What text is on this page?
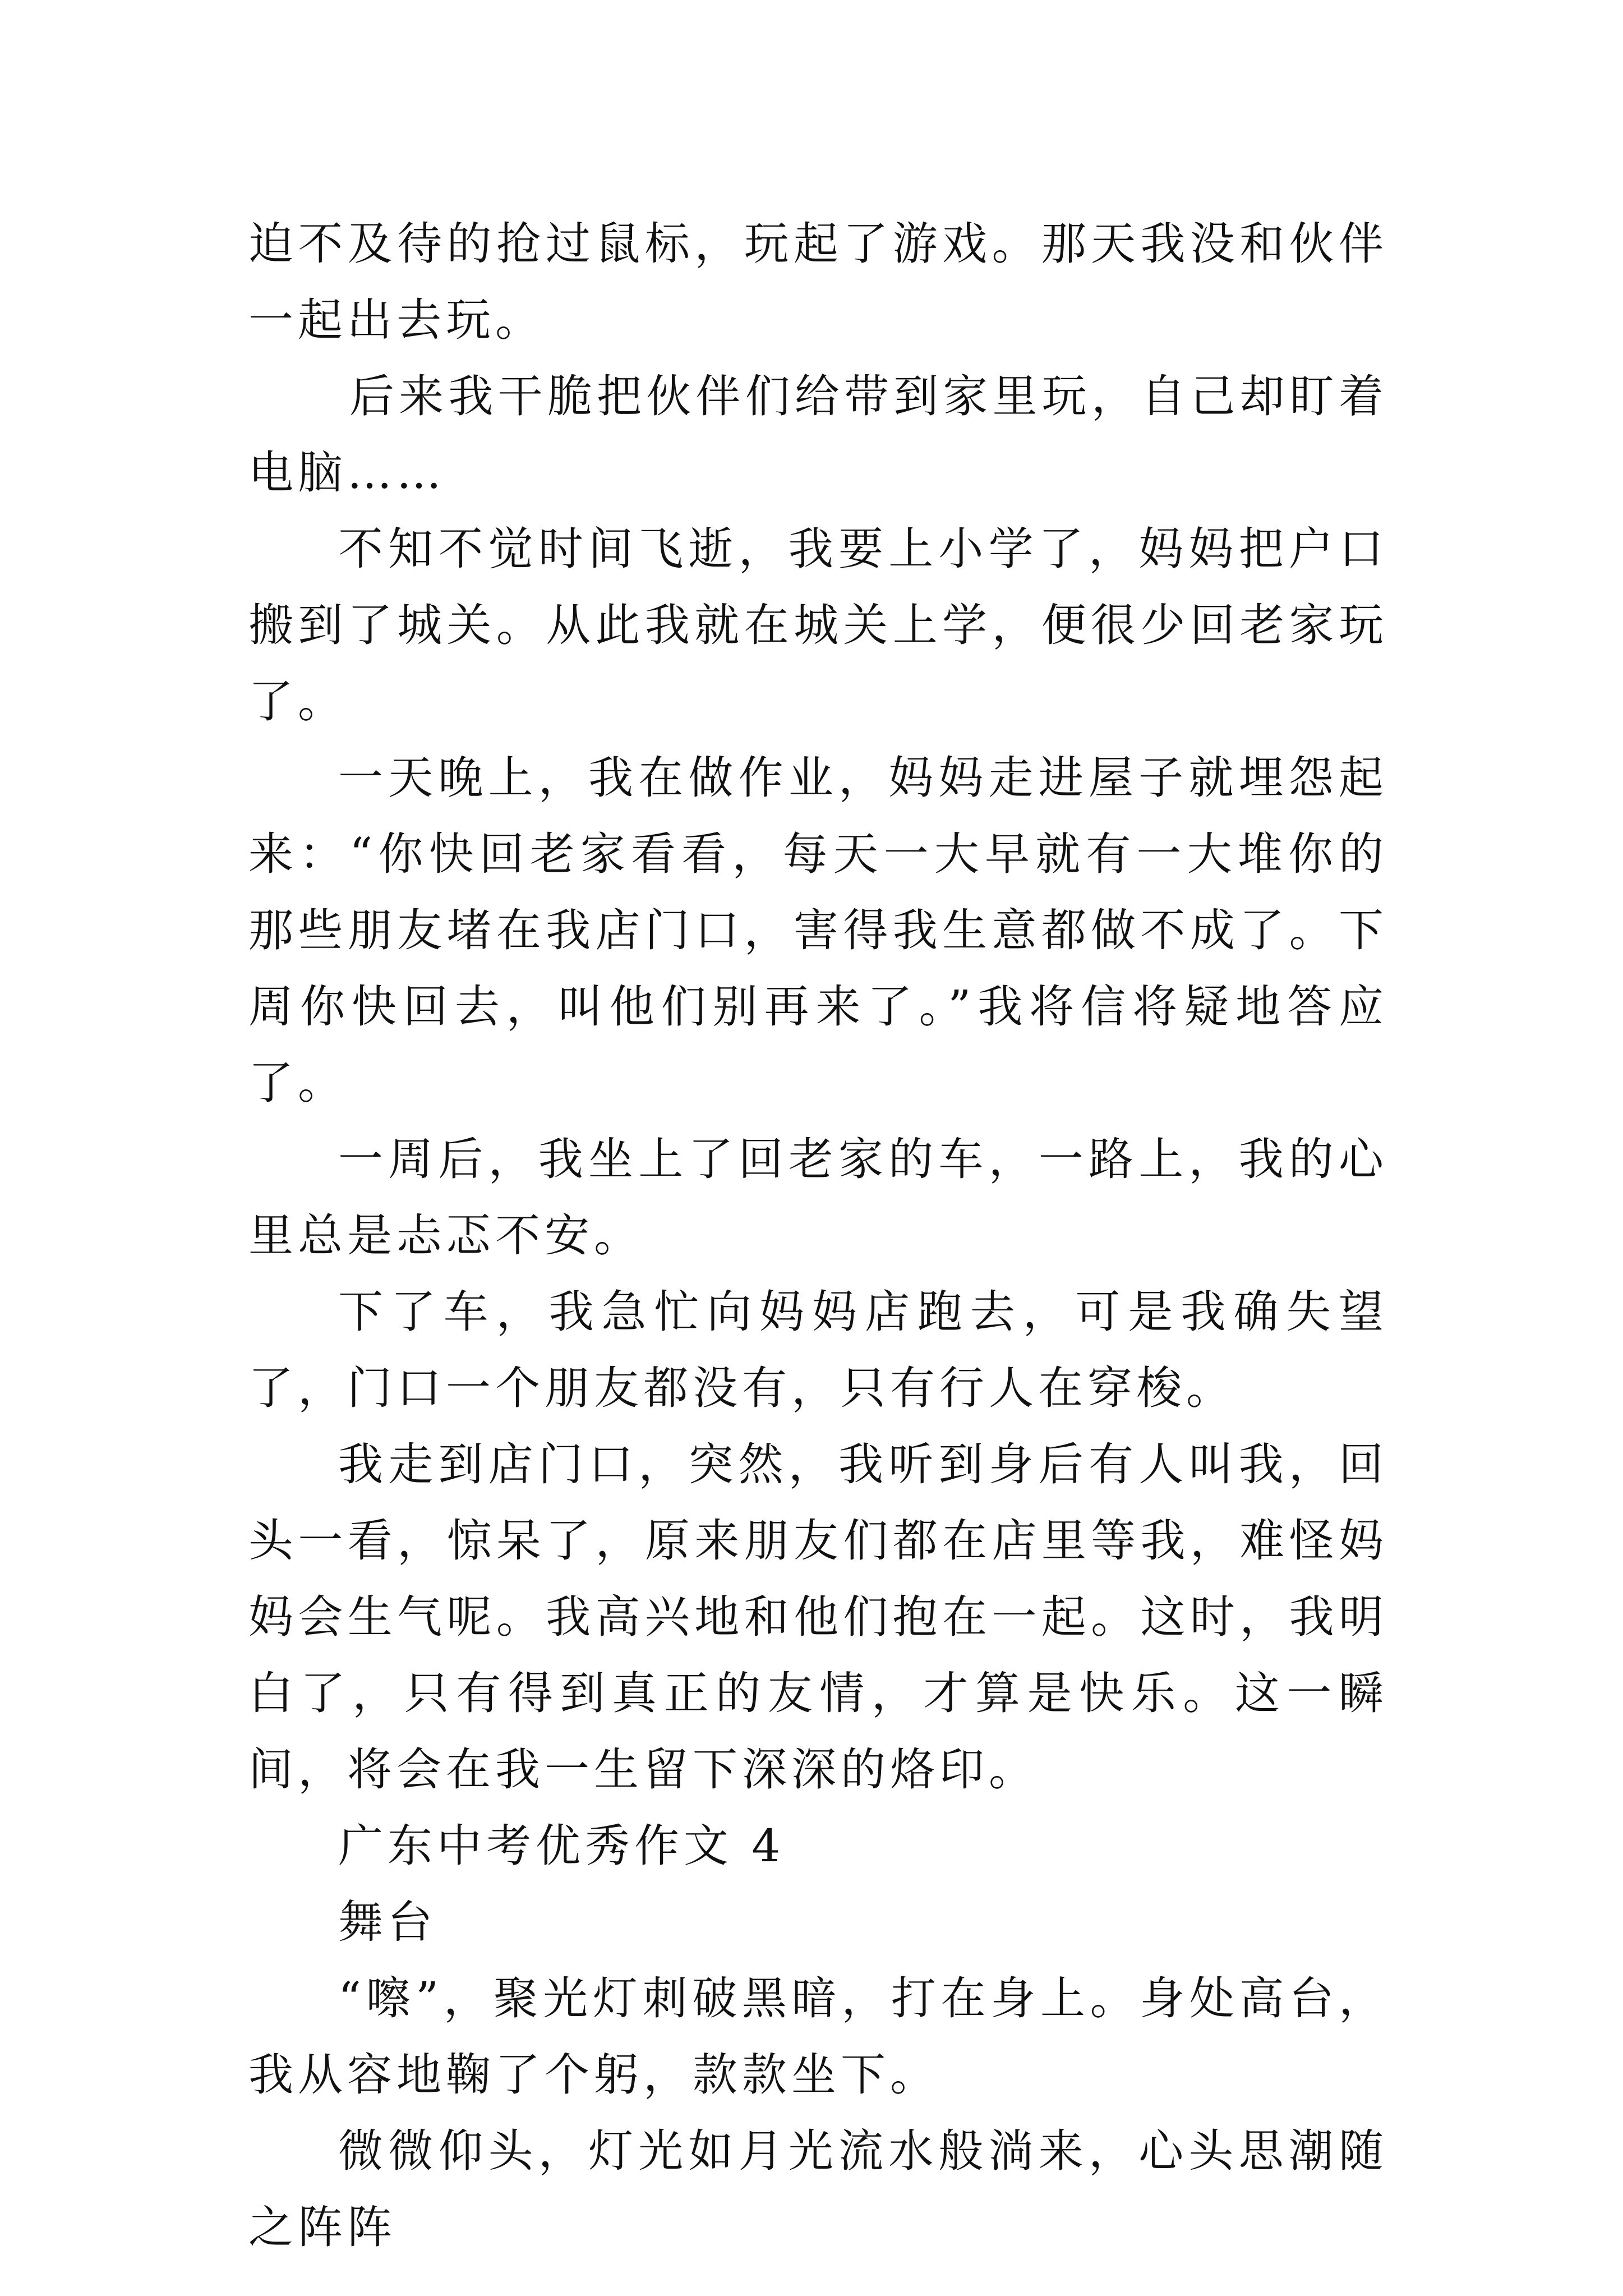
迫不及待的抢过鼠标，玩起了游戏。那天我没和伙伴一起出去玩。

后来我干脆把伙伴们给带到家里玩，自己却盯着电脑……

不知不觉时间飞逝，我要上小学了，妈妈把户口搬到了城关。从此我就在城关上学，便很少回老家玩了。

一天晚上，我在做作业，妈妈走进屋子就埋怨起来：“你快回老家看看，每天一大早就有一大堆你的那些朋友堵在我店门口，害得我生意都做不成了。下周你快回去，叫他们别再来了。”我将信将疑地答应了。

一周后，我坐上了回老家的车，一路上，我的心里总是忐忑不安。

下了车，我急忙向妈妈店跑去，可是我确失望了，门口一个朋友都没有，只有行人在穿梭。

我走到店门口，突然，我听到身后有人叫我，回头一看，惊呆了，原来朋友们都在店里等我，难怪妈妈会生气呢。我高兴地和他们抱在一起。这时，我明白了，只有得到真正的友情，才算是快乐。这一瞬间，将会在我一生留下深深的烙印。

广东中考优秀作文 4

舞台

“嚓”，聚光灯刺破黑暗，打在身上。身处高台，我从容地鞠了个躬，款款坐下。

微微仰头，灯光如月光流水般淌来，心头思潮随之阵阵
